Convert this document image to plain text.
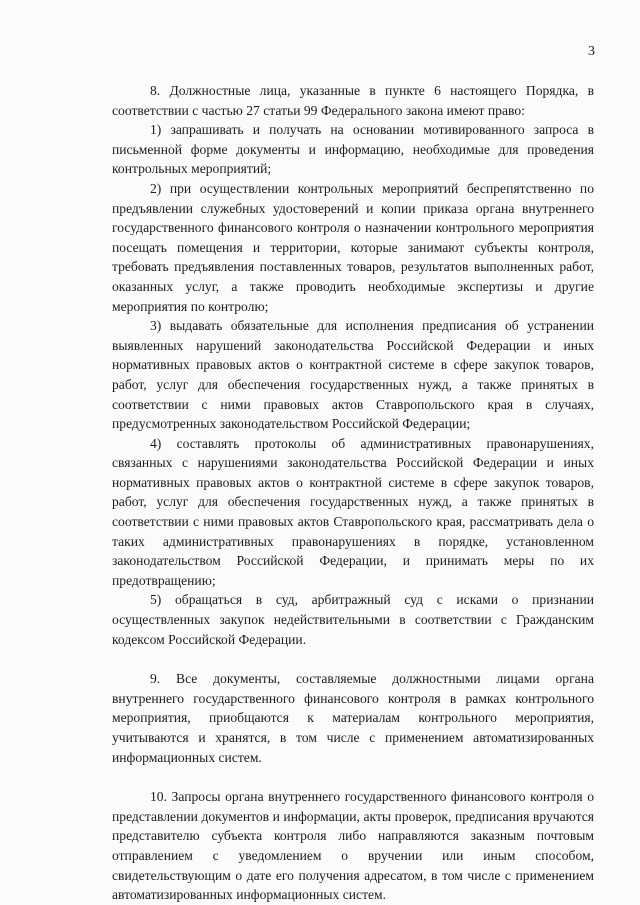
3

8. Должностные лица, указанные в пункте 6 настоящего Порядка, в соответствии с частью 27 статьи 99 Федерального закона имеют право:

1) запрашивать и получать на основании мотивированного запроса в письменной форме документы и информацию, необходимые для проведения контрольных мероприятий;

2) при осуществлении контрольных мероприятий беспрепятственно по предъявлении служебных удостоверений и копии приказа органа внутреннего государственного финансового контроля о назначении контрольного мероприятия посещать помещения и территории, которые занимают субъекты контроля, требовать предъявления поставленных товаров, результатов выполненных работ, оказанных услуг, а также проводить необходимые экспертизы и другие мероприятия по контролю;

3) выдавать обязательные для исполнения предписания об устранении выявленных нарушений законодательства Российской Федерации и иных нормативных правовых актов о контрактной системе в сфере закупок товаров, работ, услуг для обеспечения государственных нужд, а также принятых в соответствии с ними правовых актов Ставропольского края в случаях, предусмотренных законодательством Российской Федерации;

4) составлять протоколы об административных правонарушениях, связанных с нарушениями законодательства Российской Федерации и иных нормативных правовых актов о контрактной системе в сфере закупок товаров, работ, услуг для обеспечения государственных нужд, а также принятых в соответствии с ними правовых актов Ставропольского края, рассматривать дела о таких административных правонарушениях в порядке, установленном законодательством Российской Федерации, и принимать меры по их предотвращению;

5) обращаться в суд, арбитражный суд с исками о признании осуществленных закупок недействительными в соответствии с Гражданским кодексом Российской Федерации.

9. Все документы, составляемые должностными лицами органа внутреннего государственного финансового контроля в рамках контрольного мероприятия, приобщаются к материалам контрольного мероприятия, учитываются и хранятся, в том числе с применением автоматизированных информационных систем.

10. Запросы органа внутреннего государственного финансового контроля о представлении документов и информации, акты проверок, предписания вручаются представителю субъекта контроля либо направляются заказным почтовым отправлением с уведомлением о вручении или иным способом, свидетельствующим о дате его получения адресатом, в том числе с применением автоматизированных информационных систем.
